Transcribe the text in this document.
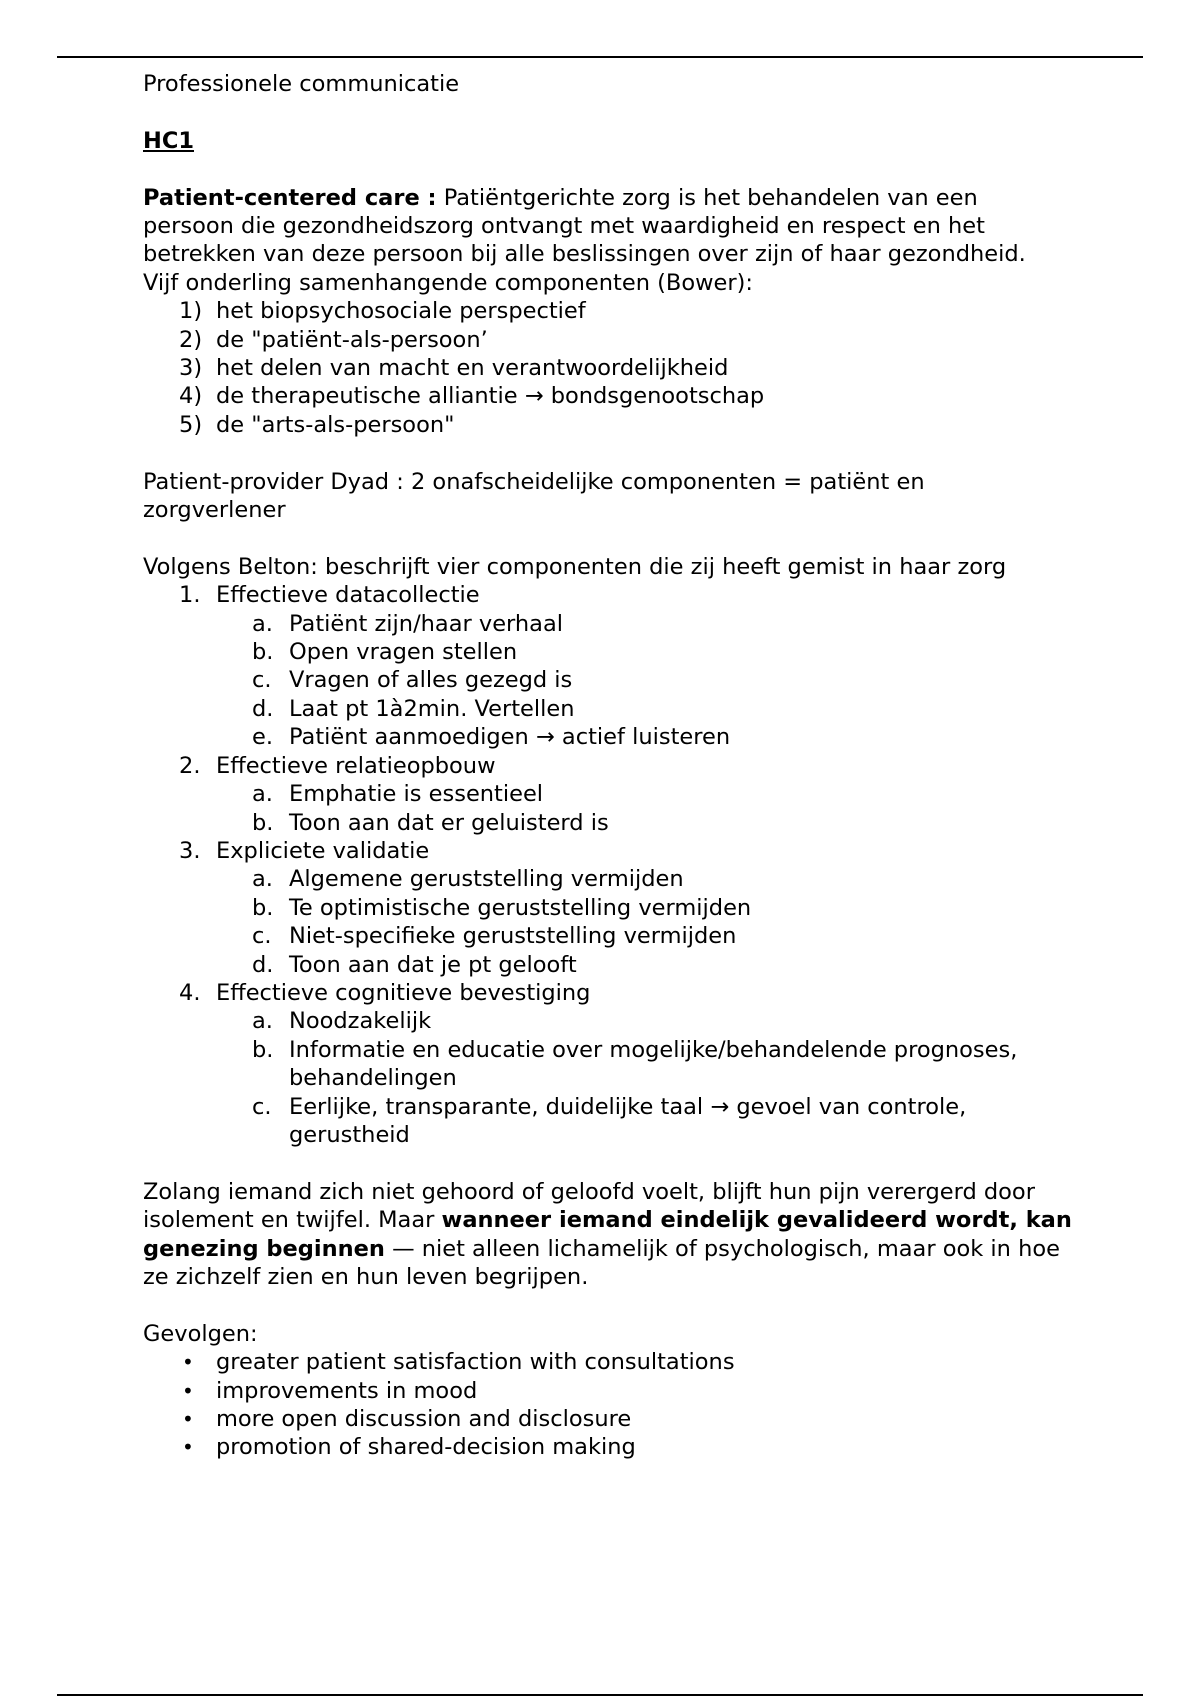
Professionele communicatie

HC1

Patient-centered care : Patiëntgerichte zorg is het behandelen van een persoon die gezondheidszorg ontvangt met waardigheid en respect en het betrekken van deze persoon bij alle beslissingen over zijn of haar gezondheid.

Vijf onderling samenhangende componenten (Bower):

1) het biopsychosociale perspectief
2) de "patiënt-als-persoon’
3) het delen van macht en verantwoordelijkheid
4) de therapeutische alliantie → bondsgenootschap
5) de "arts-als-persoon"

Patient-provider Dyad : 2 onafscheidelijke componenten = patiënt en zorgverlener

Volgens Belton: beschrijft vier componenten die zij heeft gemist in haar zorg

1. Effectieve datacollectie
a. Patiënt zijn/haar verhaal
b. Open vragen stellen
c. Vragen of alles gezegd is
d. Laat pt 1à2min. Vertellen
e. Patiënt aanmoedigen → actief luisteren
2. Effectieve relatieopbouw
a. Emphatie is essentieel
b. Toon aan dat er geluisterd is
3. Expliciete validatie
a. Algemene geruststelling vermijden
b. Te optimistische geruststelling vermijden
c. Niet-specifieke geruststelling vermijden
d. Toon aan dat je pt gelooft
4. Effectieve cognitieve bevestiging
a. Noodzakelijk
b. Informatie en educatie over mogelijke/behandelende prognoses, behandelingen
c. Eerlijke, transparante, duidelijke taal → gevoel van controle, gerustheid

Zolang iemand zich niet gehoord of geloofd voelt, blijft hun pijn verergerd door isolement en twijfel. Maar wanneer iemand eindelijk gevalideerd wordt, kan genezing beginnen — niet alleen lichamelijk of psychologisch, maar ook in hoe ze zichzelf zien en hun leven begrijpen.

Gevolgen:

• greater patient satisfaction with consultations
• improvements in mood
• more open discussion and disclosure
• promotion of shared-decision making
